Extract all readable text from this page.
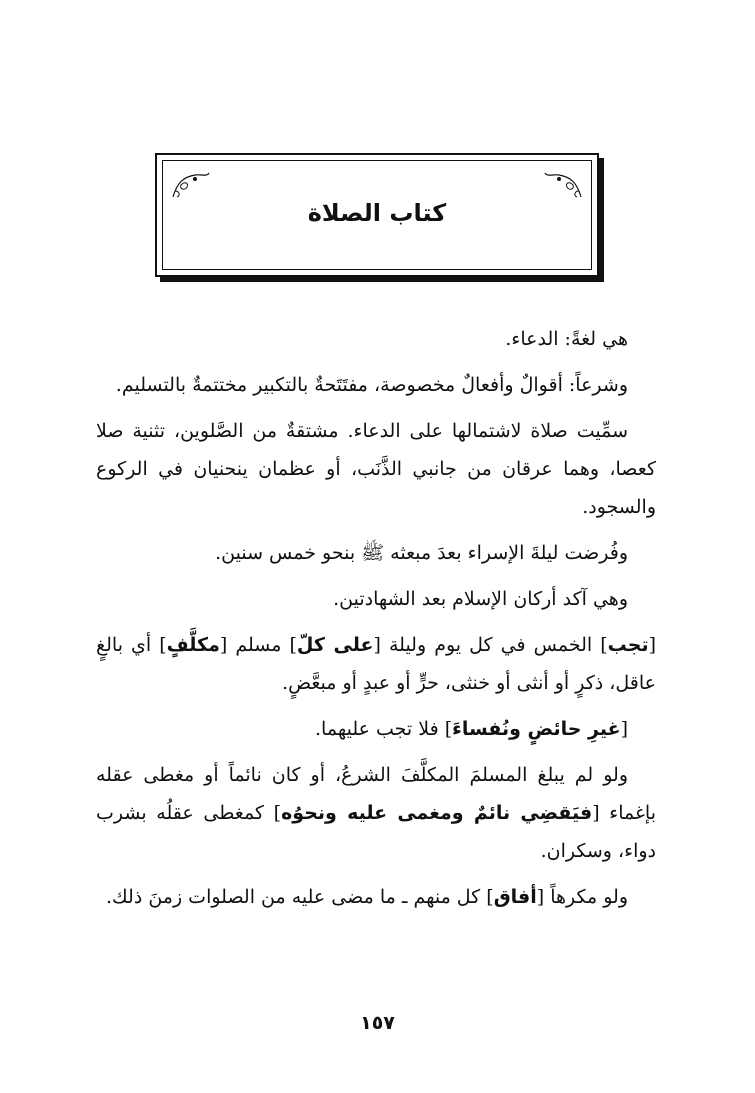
كتاب الصلاة

هي لغةً: الدعاء.

وشرعاً: أقوالٌ وأفعالٌ مخصوصة، مفتَتَحةٌ بالتكبير مختتمةٌ بالتسليم.

سمِّيت صلاة لاشتمالها على الدعاء. مشتقةٌ من الصَّلوين، تثنية صلا كعصا، وهما عرقان من جانبي الذَّنَب، أو عظمان ينحنيان في الركوع والسجود.

وفُرضت ليلةَ الإسراء بعدَ مبعثه ﷺ بنحو خمس سنين.

وهي آكد أركان الإسلام بعد الشهادتين.

[تجب] الخمس في كل يوم وليلة [على كلّ] مسلم [مكلَّفٍ] أي بالغٍ عاقل، ذكرٍ أو أنثى أو خنثى، حرٍّ أو عبدٍ أو مبعَّضٍ.

[غيرِ حائضٍ ونُفساءَ] فلا تجب عليهما.

ولو لم يبلغ المسلمَ المكلَّفَ الشرعُ، أو كان نائماً أو مغطى عقله بإغماء [فيَقضِي نائمٌ ومغمى عليه ونحوُه] كمغطى عقلُه بشرب دواء، وسكران.

ولو مكرهاً [أفاق] كل منهم ـ ما مضى عليه من الصلوات زمنَ ذلك.

١٥٧
